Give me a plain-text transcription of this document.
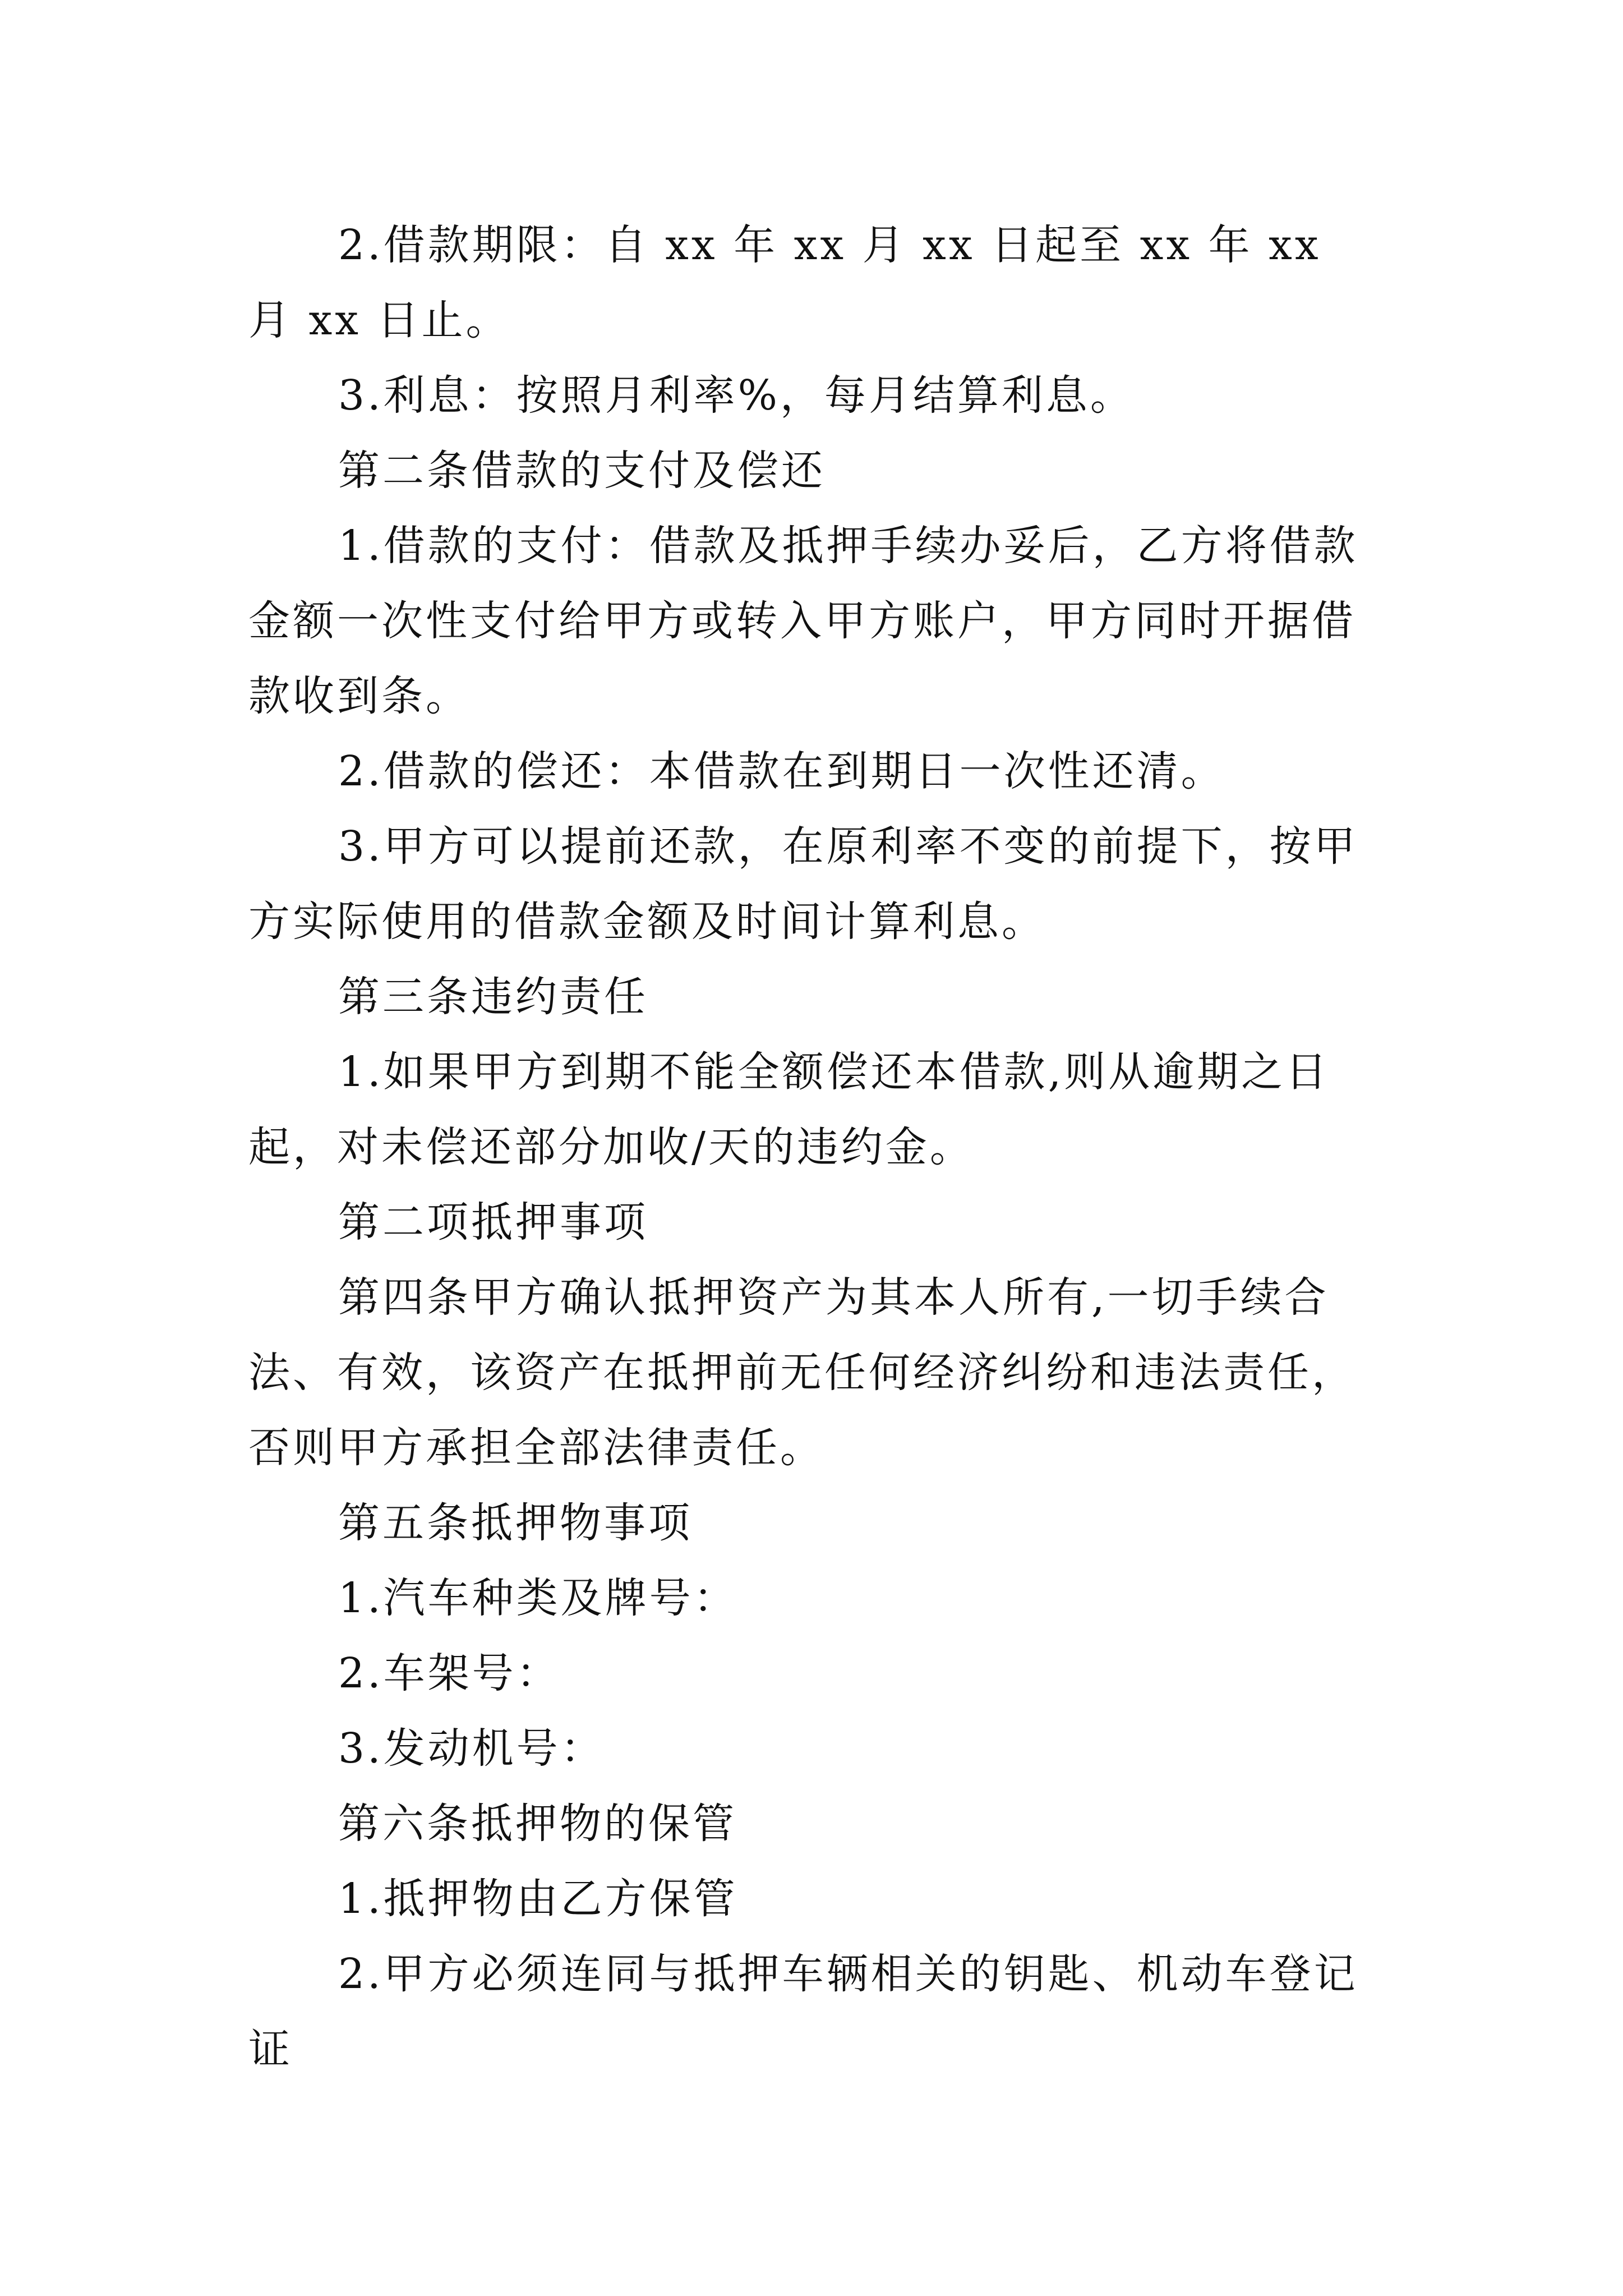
2.借款期限：自 xx 年 xx 月 xx 日起至 xx 年 xx 月 xx 日止。

3.利息：按照月利率%，每月结算利息。

第二条借款的支付及偿还

1.借款的支付：借款及抵押手续办妥后，乙方将借款金额一次性支付给甲方或转入甲方账户，甲方同时开据借款收到条。

2.借款的偿还：本借款在到期日一次性还清。

3.甲方可以提前还款，在原利率不变的前提下，按甲方实际使用的借款金额及时间计算利息。

第三条违约责任

1.如果甲方到期不能全额偿还本借款,则从逾期之日起，对未偿还部分加收/天的违约金。

第二项抵押事项

第四条甲方确认抵押资产为其本人所有,一切手续合法、有效，该资产在抵押前无任何经济纠纷和违法责任，否则甲方承担全部法律责任。

第五条抵押物事项

1.汽车种类及牌号：

2.车架号：

3.发动机号：

第六条抵押物的保管

1.抵押物由乙方保管

2.甲方必须连同与抵押车辆相关的钥匙、机动车登记证
